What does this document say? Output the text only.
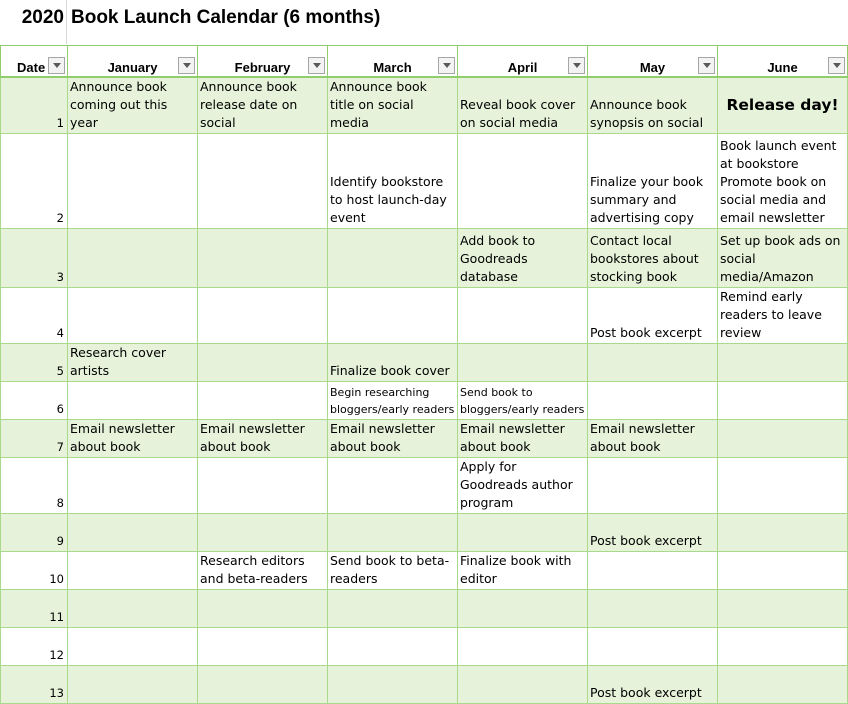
2020 Book Launch Calendar (6 months)
Date	January	February	March	April	May	June

1	Announce book coming out this year	Announce book release date on social	Announce book title on social media	Reveal book cover on social media	Announce book synopsis on social	Release day!
2			Identify bookstore to host launch-day event		Finalize your book summary and advertising copy	Book launch event at bookstore
Promote book on social media and email newsletter

3				Add book to Goodreads database	Contact local bookstores about stocking book	Set up book ads on social media/Amazon
4					Post book excerpt	Remind early readers to leave review
5	Research cover artists		Finalize book cover			
6			Begin researching bloggers/early readers	Send book to bloggers/early readers		
7	Email newsletter about book	Email newsletter about book	Email newsletter about book	Email newsletter about book	Email newsletter about book	
8				Apply for Goodreads author program		
9					Post book excerpt	
10		Research editors and beta-readers	Send book to beta-readers	Finalize book with editor		
11						
12						
13					Post book excerpt	
